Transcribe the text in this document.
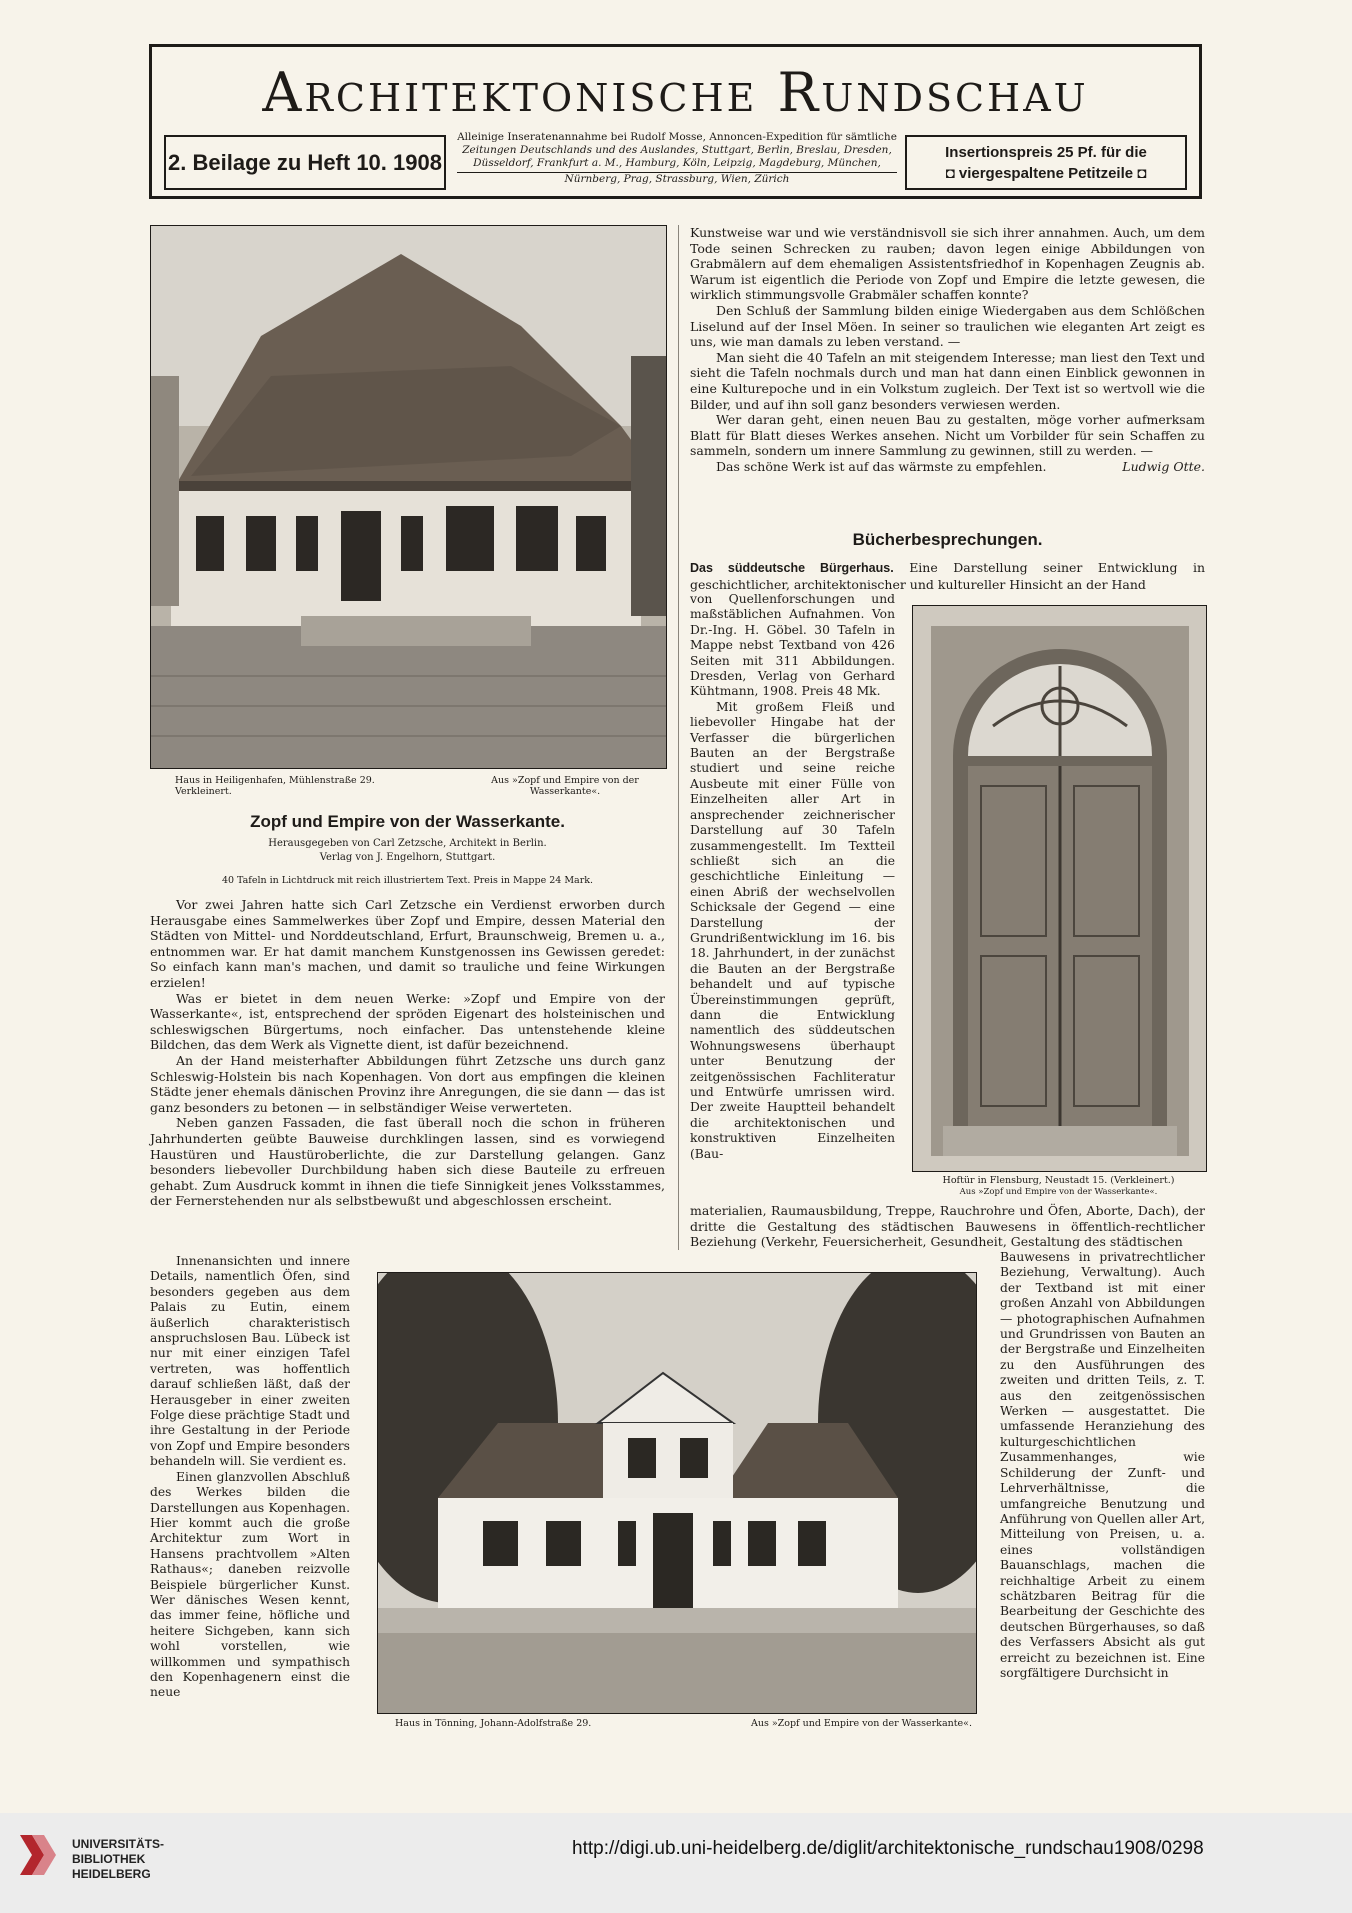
Architektonische Rundschau
2. Beilage zu Heft 10. 1908
Alleinige Inseratenannahme bei Rudolf Mosse, Annoncen-Expedition für sämtliche
Zeitungen Deutschlands und des Auslandes, Stuttgart, Berlin, Breslau, Dresden,
Düsseldorf, Frankfurt a. M., Hamburg, Köln, Leipzig, Magdeburg, München,
Nürnberg, Prag, Strassburg, Wien, Zürich
Insertionspreis 25 Pf. für die
◘ viergespaltene Petitzeile ◘
Haus in Heiligenhafen, Mühlenstraße 29. Verkleinert.
Aus »Zopf und Empire von der Wasserkante«.
Zopf und Empire von der Wasserkante.
Herausgegeben von Carl Zetzsche, Architekt in Berlin.
Verlag von J. Engelhorn, Stuttgart.
40 Tafeln in Lichtdruck mit reich illustriertem Text. Preis in Mappe 24 Mark.

Vor zwei Jahren hatte sich Carl Zetzsche ein Verdienst erworben durch Herausgabe eines Sammelwerkes über Zopf und Empire, dessen Material den Städten von Mittel- und Norddeutschland, Erfurt, Braunschweig, Bremen u. a., entnommen war. Er hat damit manchem Kunstgenossen ins Gewissen geredet: So einfach kann man's machen, und damit so trauliche und feine Wirkungen erzielen!

Was er bietet in dem neuen Werke: »Zopf und Empire von der Wasserkante«, ist, entsprechend der spröden Eigenart des holsteinischen und schleswigschen Bürgertums, noch einfacher. Das untenstehende kleine Bildchen, das dem Werk als Vignette dient, ist dafür bezeichnend.

An der Hand meisterhafter Abbildungen führt Zetzsche uns durch ganz Schleswig-Holstein bis nach Kopenhagen. Von dort aus empfingen die kleinen Städte jener ehemals dänischen Provinz ihre Anregungen, die sie dann — das ist ganz besonders zu betonen — in selbständiger Weise verwerteten.

Neben ganzen Fassaden, die fast überall noch die schon in früheren Jahrhunderten geübte Bauweise durchklingen lassen, sind es vorwiegend Haustüren und Haustüroberlichte, die zur Darstellung gelangen. Ganz besonders liebevoller Durchbildung haben sich diese Bauteile zu erfreuen gehabt. Zum Ausdruck kommt in ihnen die tiefe Sinnigkeit jenes Volksstammes, der Fernerstehenden nur als selbstbewußt und abgeschlossen erscheint.

Innenansichten und innere Details, namentlich Öfen, sind besonders gegeben aus dem Palais zu Eutin, einem äußerlich charakteristisch anspruchslosen Bau. Lübeck ist nur mit einer einzigen Tafel vertreten, was hoffentlich darauf schließen läßt, daß der Herausgeber in einer zweiten Folge diese prächtige Stadt und ihre Gestaltung in der Periode von Zopf und Empire besonders behandeln will. Sie verdient es.

Einen glanzvollen Abschluß des Werkes bilden die Darstellungen aus Kopenhagen. Hier kommt auch die große Architektur zum Wort in Hansens prachtvollem »Alten Rathaus«; daneben reizvolle Beispiele bürgerlicher Kunst. Wer dänisches Wesen kennt, das immer feine, höfliche und heitere Sichgeben, kann sich wohl vorstellen, wie willkommen und sympathisch den Kopenhagenern einst die neue

Kunstweise war und wie verständnisvoll sie sich ihrer annahmen. Auch, um dem Tode seinen Schrecken zu rauben; davon legen einige Abbildungen von Grabmälern auf dem ehemaligen Assistentsfriedhof in Kopenhagen Zeugnis ab. Warum ist eigentlich die Periode von Zopf und Empire die letzte gewesen, die wirklich stimmungsvolle Grabmäler schaffen konnte?

Den Schluß der Sammlung bilden einige Wiedergaben aus dem Schlößchen Liselund auf der Insel Möen. In seiner so traulichen wie eleganten Art zeigt es uns, wie man damals zu leben verstand. —

Man sieht die 40 Tafeln an mit steigendem Interesse; man liest den Text und sieht die Tafeln nochmals durch und man hat dann einen Einblick gewonnen in eine Kulturepoche und in ein Volkstum zugleich. Der Text ist so wertvoll wie die Bilder, und auf ihn soll ganz besonders verwiesen werden.

Wer daran geht, einen neuen Bau zu gestalten, möge vorher aufmerksam Blatt für Blatt dieses Werkes ansehen. Nicht um Vorbilder für sein Schaffen zu sammeln, sondern um innere Sammlung zu gewinnen, still zu werden. —

Das schöne Werk ist auf das wärmste zu empfehlen.	Ludwig Otte.

Bücherbesprechungen.

Das süddeutsche Bürgerhaus. Eine Darstellung seiner Entwicklung in geschichtlicher, architektonischer und kultureller Hinsicht an der Hand

von Quellenforschungen und maßstäblichen Aufnahmen. Von Dr.-Ing. H. Göbel. 30 Tafeln in Mappe nebst Textband von 426 Seiten mit 311 Abbildungen. Dresden, Verlag von Gerhard Kühtmann, 1908. Preis 48 Mk.

Mit großem Fleiß und liebevoller Hingabe hat der Verfasser die bürgerlichen Bauten an der Bergstraße studiert und seine reiche Ausbeute mit einer Fülle von Einzelheiten aller Art in ansprechender zeichnerischer Darstellung auf 30 Tafeln zusammengestellt. Im Textteil schließt sich an die geschichtliche Einleitung — einen Abriß der wechselvollen Schicksale der Gegend — eine Darstellung der Grundrißentwicklung im 16. bis 18. Jahrhundert, in der zunächst die Bauten an der Bergstraße behandelt und auf typische Übereinstimmungen geprüft, dann die Entwicklung namentlich des süddeutschen Wohnungswesens überhaupt unter Benutzung der zeitgenössischen Fachliteratur und Entwürfe umrissen wird. Der zweite Hauptteil behandelt die architektonischen und konstruktiven Einzelheiten (Bau-

Hoftür in Flensburg, Neustadt 15. (Verkleinert.)
Aus »Zopf und Empire von der Wasserkante«.

materialien, Raumausbildung, Treppe, Rauchrohre und Öfen, Aborte, Dach), der dritte die Gestaltung des städtischen Bauwesens in öffentlich-rechtlicher Beziehung (Verkehr, Feuersicherheit, Gesundheit, Gestaltung des städtischen

Bauwesens in privatrechtlicher Beziehung, Verwaltung). Auch der Textband ist mit einer großen Anzahl von Abbildungen — photographischen Aufnahmen und Grundrissen von Bauten an der Bergstraße und Einzelheiten zu den Ausführungen des zweiten und dritten Teils, z. T. aus den zeitgenössischen Werken — ausgestattet. Die umfassende Heranziehung des kulturgeschichtlichen Zusammenhanges, wie Schilderung der Zunft- und Lehrverhältnisse, die umfangreiche Benutzung und Anführung von Quellen aller Art, Mitteilung von Preisen, u. a. eines vollständigen Bauanschlags, machen die reichhaltige Arbeit zu einem schätzbaren Beitrag für die Bearbeitung der Geschichte des deutschen Bürgerhauses, so daß des Verfassers Absicht als gut erreicht zu bezeichnen ist. Eine sorgfältigere Durchsicht in

Haus in Tönning, Johann-Adolfstraße 29.	Aus »Zopf und Empire von der Wasserkante«.
UNIVERSITÄTS-
BIBLIOTHEK
HEIDELBERG
http://digi.ub.uni-heidelberg.de/diglit/architektonische_rundschau1908/0298
